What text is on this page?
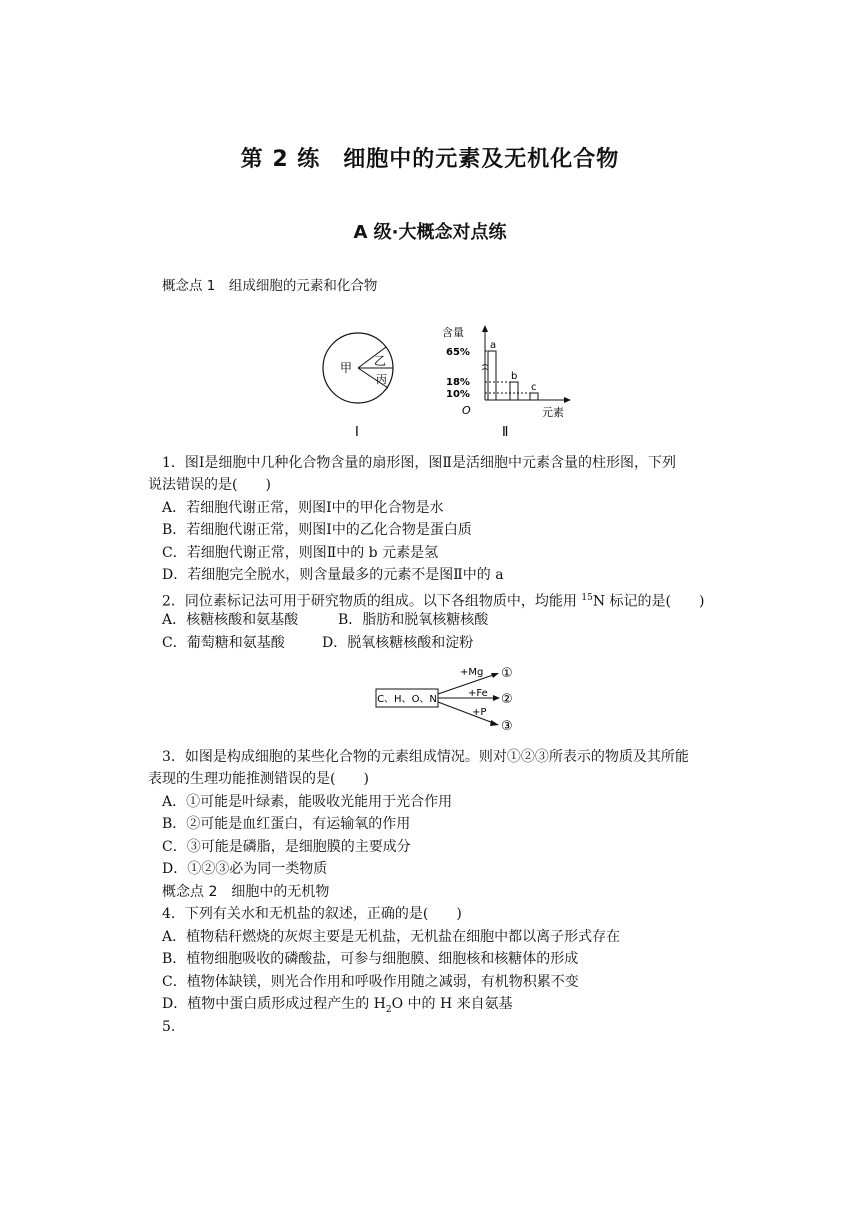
第 2 练　细胞中的元素及无机化合物
A 级·大概念对点练
概念点 1　组成细胞的元素和化合物
甲 乙
丙
Ⅰ
含量
65%
18%
10%
a
b
c
O	元素
Ⅱ
1．图Ⅰ是细胞中几种化合物含量的扇形图，图Ⅱ是活细胞中元素含量的柱形图，下列
说法错误的是(　　)
A．若细胞代谢正常，则图Ⅰ中的甲化合物是水
B．若细胞代谢正常，则图Ⅰ中的乙化合物是蛋白质
C．若细胞代谢正常，则图Ⅱ中的 b 元素是氢
D．若细胞完全脱水，则含量最多的元素不是图Ⅱ中的 a
2．同位素标记法可用于研究物质的组成。以下各组物质中，均能用 $^{15}$N 标记的是(　　)
A．核糖核酸和氨基酸	B．脂肪和脱氧核糖核酸
C．葡萄糖和氨基酸	D．脱氧核糖核酸和淀粉
C、H、O、N
+Mg
+Fe
+P
①
②
③
3．如图是构成细胞的某些化合物的元素组成情况。则对①②③所表示的物质及其所能
表现的生理功能推测错误的是(　　)
A．①可能是叶绿素，能吸收光能用于光合作用
B．②可能是血红蛋白，有运输氧的作用
C．③可能是磷脂，是细胞膜的主要成分
D．①②③必为同一类物质
概念点 2　细胞中的无机物
4．下列有关水和无机盐的叙述，正确的是(　　)
A．植物秸秆燃烧的灰烬主要是无机盐，无机盐在细胞中都以离子形式存在
B．植物细胞吸收的磷酸盐，可参与细胞膜、细胞核和核糖体的形成
C．植物体缺镁，则光合作用和呼吸作用随之减弱，有机物积累不变
D．植物中蛋白质形成过程产生的 $H_2O$ 中的 H 来自氨基
5.
